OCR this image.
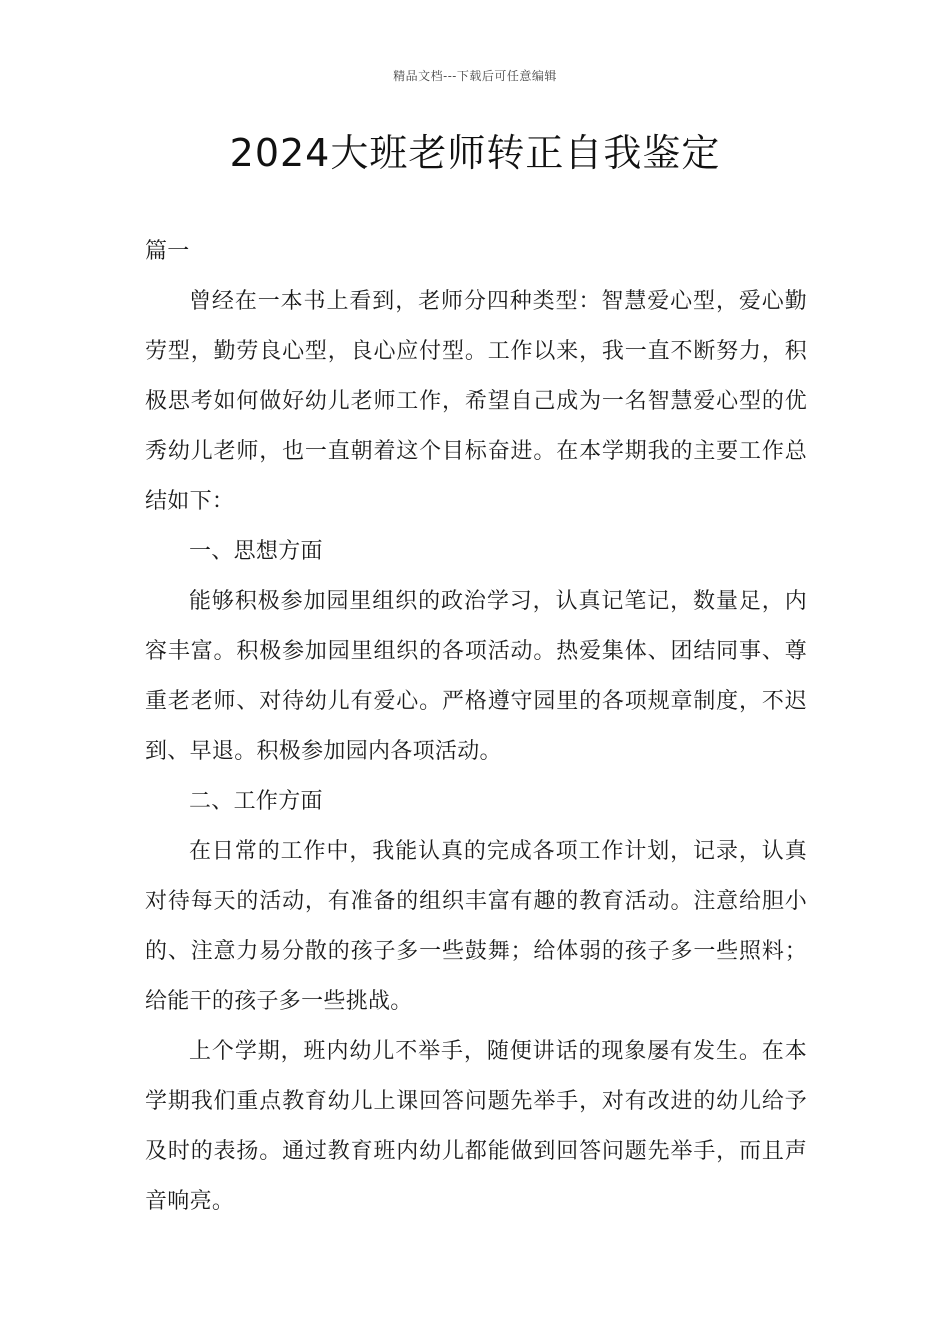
精品文档---下载后可任意编辑
2024大班老师转正自我鉴定

篇一

曾经在一本书上看到，老师分四种类型：智慧爱心型，爱心勤劳型，勤劳良心型，良心应付型。工作以来，我一直不断努力，积极思考如何做好幼儿老师工作，希望自己成为一名智慧爱心型的优秀幼儿老师，也一直朝着这个目标奋进。在本学期我的主要工作总结如下：

一、思想方面

能够积极参加园里组织的政治学习，认真记笔记，数量足，内容丰富。积极参加园里组织的各项活动。热爱集体、团结同事、尊重老老师、对待幼儿有爱心。严格遵守园里的各项规章制度，不迟到、早退。积极参加园内各项活动。

二、工作方面

在日常的工作中，我能认真的完成各项工作计划，记录，认真对待每天的活动，有准备的组织丰富有趣的教育活动。注意给胆小的、注意力易分散的孩子多一些鼓舞；给体弱的孩子多一些照料；给能干的孩子多一些挑战。

上个学期，班内幼儿不举手，随便讲话的现象屡有发生。在本学期我们重点教育幼儿上课回答问题先举手，对有改进的幼儿给予及时的表扬。通过教育班内幼儿都能做到回答问题先举手，而且声音响亮。
